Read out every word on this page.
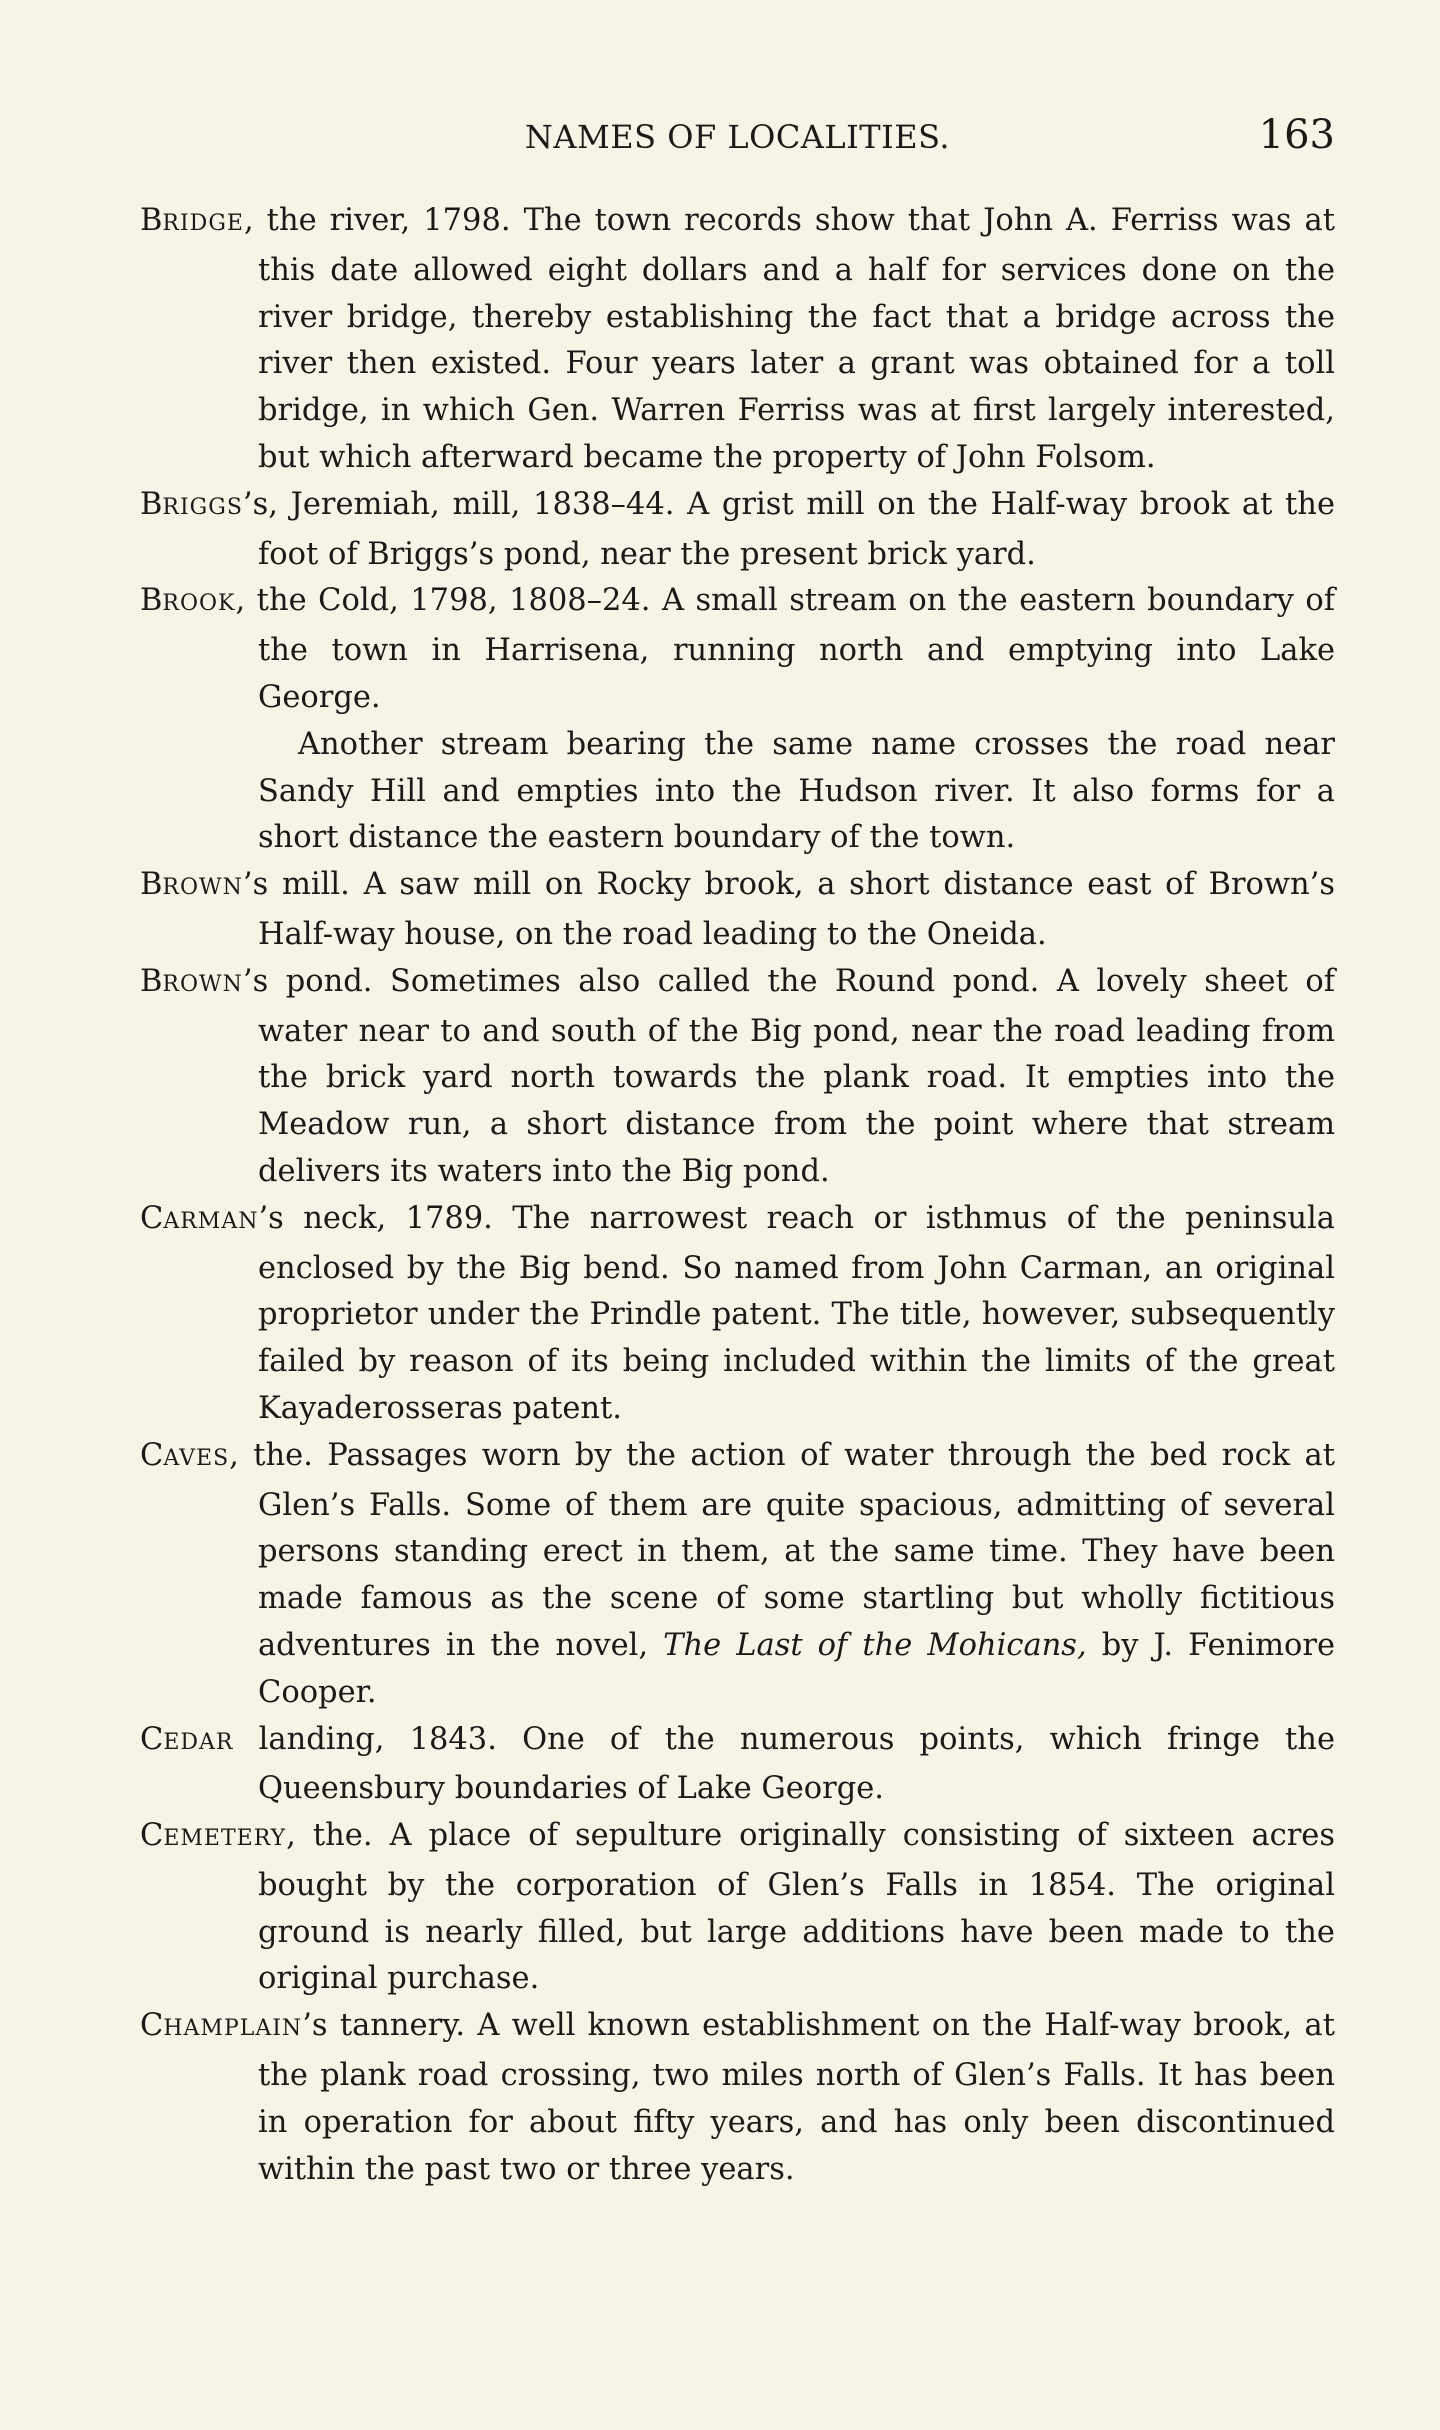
NAMES OF LOCALITIES.	163

BRIDGE, the river, 1798. The town records show that John A. Ferriss was at this date allowed eight dollars and a half for services done on the river bridge, thereby establishing the fact that a bridge across the river then existed. Four years later a grant was obtained for a toll bridge, in which Gen. Warren Ferriss was at first largely interested, but which afterward became the property of John Folsom.

BRIGGS’s, Jeremiah, mill, 1838–44. A grist mill on the Half-way brook at the foot of Briggs’s pond, near the present brick yard.

BROOK, the Cold, 1798, 1808–24. A small stream on the eastern boundary of the town in Harrisena, running north and emptying into Lake George.

Another stream bearing the same name crosses the road near Sandy Hill and empties into the Hudson river. It also forms for a short distance the eastern boundary of the town.

BROWN’s mill. A saw mill on Rocky brook, a short distance east of Brown’s Half-way house, on the road leading to the Oneida.

BROWN’s pond. Sometimes also called the Round pond. A lovely sheet of water near to and south of the Big pond, near the road leading from the brick yard north towards the plank road. It empties into the Meadow run, a short distance from the point where that stream delivers its waters into the Big pond.

CARMAN’s neck, 1789. The narrowest reach or isthmus of the peninsula enclosed by the Big bend. So named from John Carman, an original proprietor under the Prindle patent. The title, however, subsequently failed by reason of its being included within the limits of the great Kayaderosseras patent.

CAVES, the. Passages worn by the action of water through the bed rock at Glen’s Falls. Some of them are quite spacious, admitting of several persons standing erect in them, at the same time. They have been made famous as the scene of some startling but wholly fictitious adventures in the novel, The Last of the Mohicans, by J. Fenimore Cooper.

CEDAR landing, 1843. One of the numerous points, which fringe the Queensbury boundaries of Lake George.

CEMETERY, the. A place of sepulture originally consisting of sixteen acres bought by the corporation of Glen’s Falls in 1854. The original ground is nearly filled, but large additions have been made to the original purchase.

CHAMPLAIN’s tannery. A well known establishment on the Half-way brook, at the plank road crossing, two miles north of Glen’s Falls. It has been in operation for about fifty years, and has only been discontinued within the past two or three years.
